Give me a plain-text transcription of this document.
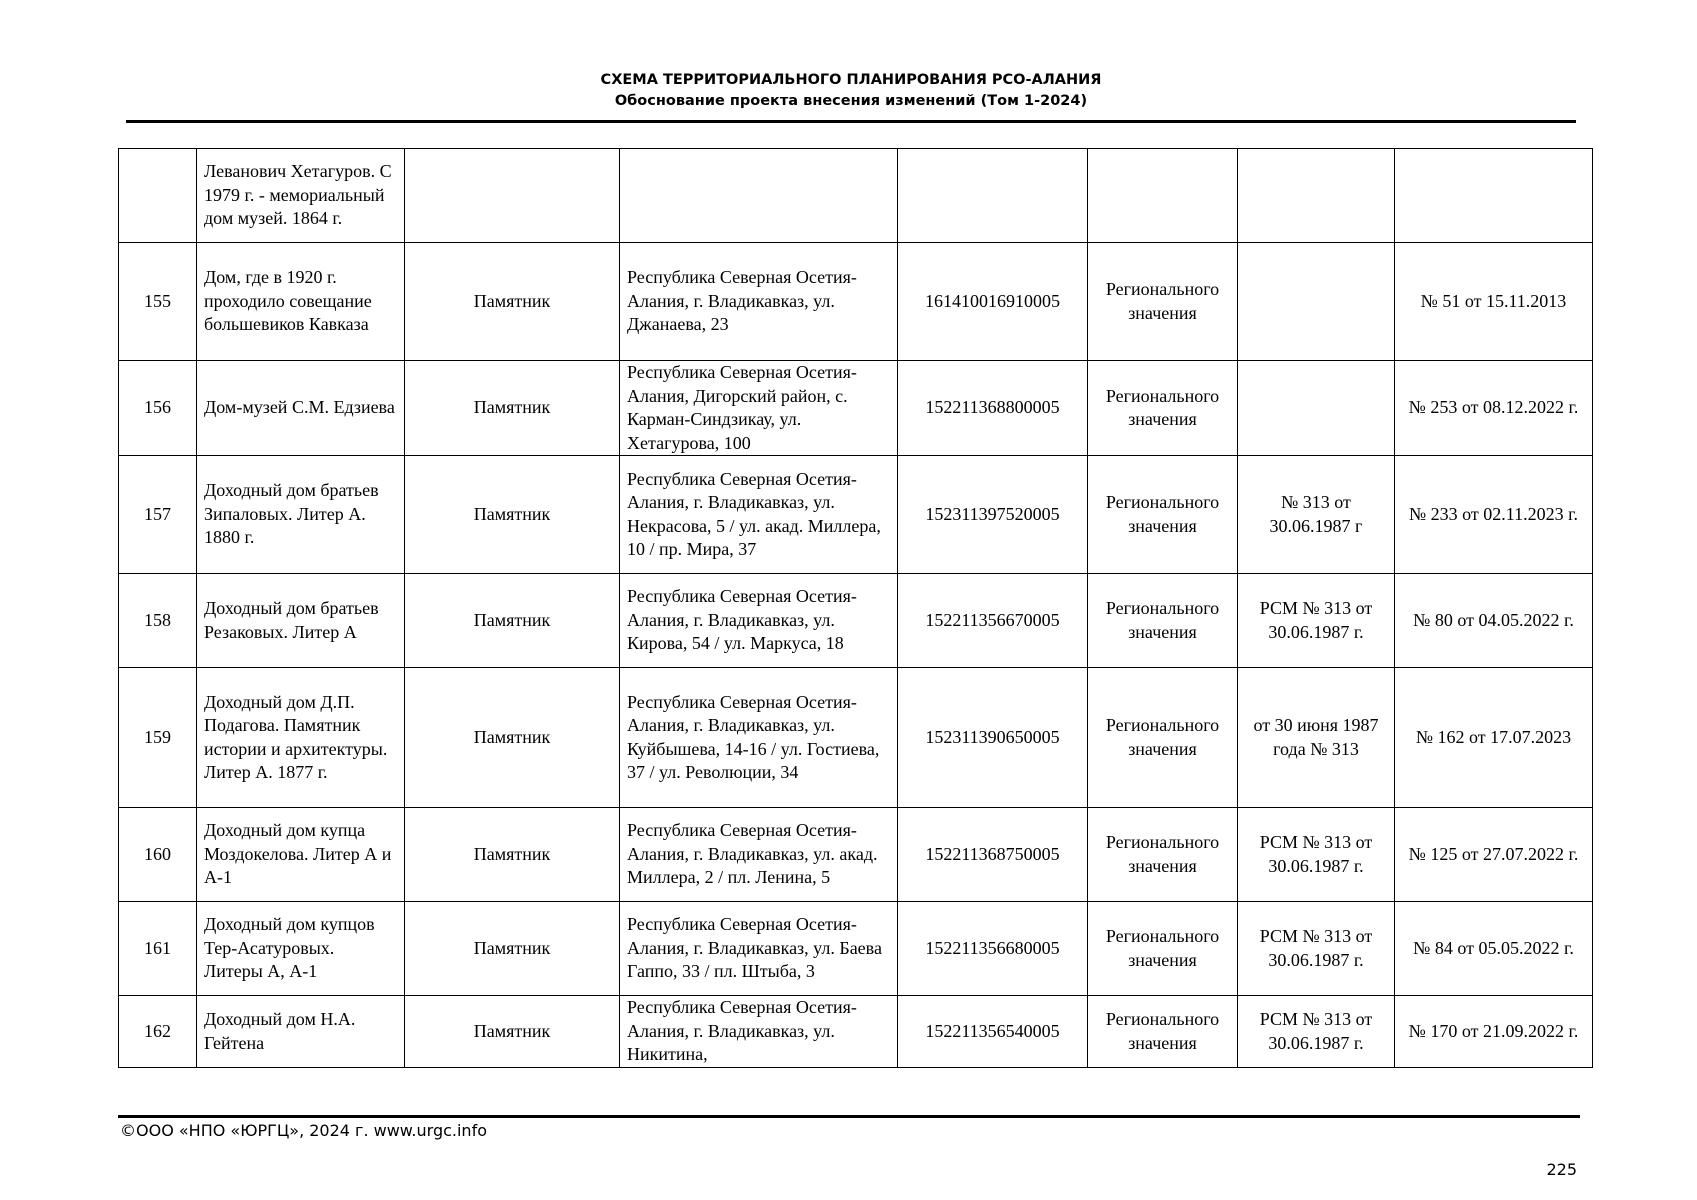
СХЕМА ТЕРРИТОРИАЛЬНОГО ПЛАНИРОВАНИЯ РСО-АЛАНИЯ
Обоснование проекта внесения изменений (Том 1-2024)
	Леванович Хетагуров. С 1979 г. - мемориальный дом музей. 1864 г.						
155	Дом, где в 1920 г. проходило совещание большевиков Кавказа	Памятник	Республика Северная Осетия-Алания, г. Владикавказ, ул. Джанаева, 23	161410016910005	Регионального значения		№ 51 от 15.11.2013
156	Дом-музей С.М. Едзиева	Памятник	Республика Северная Осетия-Алания, Дигорский район, с. Карман-Синдзикау, ул. Хетагурова, 100	152211368800005	Регионального значения		№ 253 от 08.12.2022 г.
157	Доходный дом братьев Зипаловых. Литер А. 1880 г.	Памятник	Республика Северная Осетия-Алания, г. Владикавказ, ул. Некрасова, 5 / ул. акад. Миллера, 10 / пр. Мира, 37	152311397520005	Регионального значения	№ 313 от 30.06.1987 г	№ 233 от 02.11.2023 г.
158	Доходный дом братьев Резаковых. Литер А	Памятник	Республика Северная Осетия-Алания, г. Владикавказ, ул. Кирова, 54 / ул. Маркуса, 18	152211356670005	Регионального значения	РСМ № 313 от 30.06.1987 г.	№ 80 от 04.05.2022 г.
159	Доходный дом Д.П. Подагова. Памятник истории и архитектуры. Литер А. 1877 г.	Памятник	Республика Северная Осетия-Алания, г. Владикавказ, ул. Куйбышева, 14-16 / ул. Гостиева, 37 / ул. Революции, 34	152311390650005	Регионального значения	от 30 июня 1987 года № 313	№ 162 от 17.07.2023
160	Доходный дом купца Моздокелова. Литер А и А-1	Памятник	Республика Северная Осетия-Алания, г. Владикавказ, ул. акад. Миллера, 2 / пл. Ленина, 5	152211368750005	Регионального значения	РСМ № 313 от 30.06.1987 г.	№ 125 от 27.07.2022 г.
161	Доходный дом купцов Тер-Асатуровых. Литеры А, А-1	Памятник	Республика Северная Осетия-Алания, г. Владикавказ, ул. Баева Гаппо, 33 / пл. Штыба, 3	152211356680005	Регионального значения	РСМ № 313 от 30.06.1987 г.	№ 84 от 05.05.2022 г.
162	Доходный дом Н.А. Гейтена	Памятник	Республика Северная Осетия-Алания, г. Владикавказ, ул. Никитина,	152211356540005	Регионального значения	РСМ № 313 от 30.06.1987 г.	№ 170 от 21.09.2022 г.
©ООО «НПО «ЮРГЦ», 2024 г. www.urgc.info
225
